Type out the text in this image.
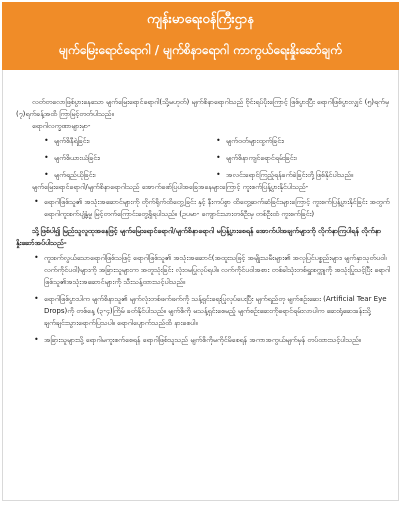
ကျန်းမာရေးဝန်ကြီးဌာန
မျက်မြေးရောင်ရောဂါ / မျက်စိနာရောဂါ ကာကွယ်ရေးနှိုးဆော်ချက်

လတ်တလောဖြစ်ပွားနေသော မျက်မြေးရောင်ရောဂါ(သို့မဟုတ်) မျက်စိနာရောဂါသည် ဗိုင်းရပ်ပိုးကြောင့် ဖြစ်ပွားပြီး ရောဂါဖြစ်ပွားလျှင် (၅)ရက်မှ (၇)ရက်ခန့်အထိ ကြာမြင့်တတ်ပါသည်။

ရောဂါလက္ခဏာများမှာ-

• မျက်စိနီရဲခြင်း၊	• မျက်ဝတ်များထွက်ခြင်း၊
• မျက်စိယားယံခြင်း၊	• မျက်စိနာကျင်ရောင်ရမ်းခြင်း၊
• မျက်ရည်ယိုခြင်း၊	• အလင်းရောင်ကြည့်ရန်ခက်ခဲခြင်းတို့ဖြစ်နိုင်ပါသည်။

မျက်မြေးရောင်ရောဂါ/မျက်စိနာရောဂါသည် အောက်ဖော်ပြပါအခြေအနေများကြောင့် ကူးစက်ပြန့်ပွားနိုင်ပါသည်-

• ရောဂါဖြစ်သူ၏ အသုံးအဆောင်များကို တိုက်ရိုက်ထိတွေ့ခြင်း နှင့် နီးကပ်စွာ ထိတွေ့ဆက်ဆံခြင်းများကြောင့် ကူးစက်ပြန့်ပွားနိုင်ခြင်း အတွက် ရောဂါကူးစက်ပျံ့နှံ့မှု မြင့်တက်ကြောင်းတွေ့ရှိရပါသည်။ (ဥပမာ- ကျောင်းသားတစ်ဦးမှ တစ်ဦးထံ ကူးစက်ခြင်း)

သို့ဖြစ်ပါ၍ မြည်သူလူထုအနေဖြင့် မျက်မြေးရောင်ရောဂါ/မျက်စိနာရောဂါ မပြန့်ပွားစေရန် အောက်ပါအချက်များကို လိုက်နာကြပါရန် လိုက်နာနှိုးဆော်အပ်ပါသည်-

• ကူးစက်လွယ်သောရောဂါဖြစ်သဖြင့် ရောဂါဖြစ်သူ၏ အသုံးအဆောင်(အထူးသဖြင့် အမျိုးသမီးများ၏ အလှပြင်ပစ္စည်းများ၊ မျက်နှာသုတ်ပဝါ၊ လက်ကိုင်ပဝါ)များကို အခြားသူများက အတူသုံးခြင်း လုံးဝမပြုလုပ်ရပါ။ လက်ကိုင်ပဝါအစား တစ်ခါသုံးတစ်ရှူးစက္ကူကို အသုံးပြုသင့်ပြီး ရောဂါဖြစ်သူ၏အသုံးအဆောင်များကို သီးသန့်ထားသင့်ပါသည်။
• ရောဂါဖြစ်ပွားပါက မျက်စိနာသူ၏ မျက်လုံးတစ်ဖက်ဖက်ကို သန့်ရှင်းရေးပြုလုပ်ပေးပြီး မျက်ရည်တု မျက်စဉ်းဆေး (Artificial Tear Eye Drops)ကို တစ်နေ့ (၃-၄)ကြိမ် ခတ်နိုင်ပါသည်။ မျက်စိကို မသန့်ရှင်းစေမည့် မျက်စဉ်းဆေးကိုရောင်ရမ်းလာပါက ဆေးရုံဆေးခန်းသို့ ချက်ချင်းသွားရောက်ပြသပါ။ ရောဂါပျောက်သည်ထိ နားစေပါ။
• အခြားသူများသို့ ရောဂါမကူးစက်စေရန် ရောဂါဖြစ်သူသည် မျက်စိကိုမကိုင်မိစေရန် အကာအကွယ်မျက်မှန် တပ်ထားသင့်ပါသည်။
